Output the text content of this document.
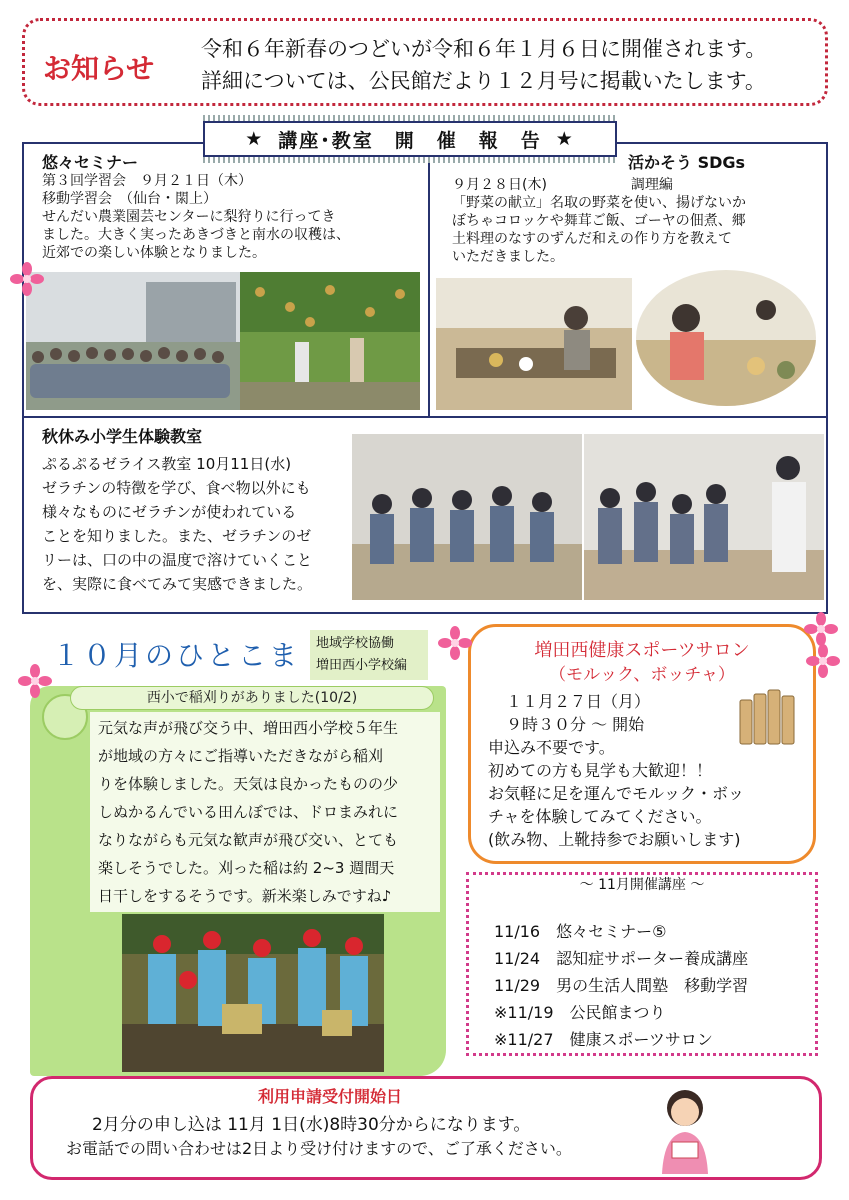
お知らせ
令和６年新春のつどいが令和６年１月６日に開催されます。
詳細については、公民館だより１２月号に掲載いたします。
★ 講座･教室　開　催　報　告 ★
悠々セミナー
第３回学習会　９月２１日（木）
移動学習会　（仙台・閖上）
せんだい農業園芸センターに梨狩りに行ってき
ました。大きく実ったあきづきと南水の収穫は、
近郊での楽しい体験となりました。
活かそう SDGs
９月２８日(木)　　　　　　調理編
「野菜の献立」名取の野菜を使い、揚げないか
ぼちゃコロッケや舞茸ご飯、ゴーヤの佃煮、郷
土料理のなすのずんだ和えの作り方を教えて
いただきました。
秋休み小学生体験教室
ぷるぷるゼライス教室 10月11日(水)
ゼラチンの特徴を学び、食べ物以外にも
様々なものにゼラチンが使われている
ことを知りました。また、ゼラチンのゼ
リーは、口の中の温度で溶けていくこと
を、実際に食べてみて実感できました。
１０月のひとこま 地域学校協働
増田西小学校編
西小で稲刈りがありました(10/2)
元気な声が飛び交う中、増田西小学校５年生
が地域の方々にご指導いただきながら稲刈
りを体験しました。天気は良かったものの少
しぬかるんでいる田んぼでは、ドロまみれに
なりながらも元気な歓声が飛び交い、とても
楽しそうでした。刈った稲は約 2~3 週間天
日干しをするそうです。新米楽しみですね♪
増田西健康スポーツサロン
（モルック、ボッチャ）
１１月２７日（月）
９時３０分 ～ 開始
申込み不要です。
初めての方も見学も大歓迎！！
お気軽に足を運んでモルック・ボッ
チャを体験してみてください。
(飲み物、上靴持参でお願いします)
～ 11月開催講座 ～
11/16　悠々セミナー⑤
11/24　認知症サポーター養成講座
11/29　男の生活人間塾　移動学習
※11/19　公民館まつり
※11/27　健康スポーツサロン
利用申請受付開始日
2月分の申し込は 11月 1日(水)8時30分からになります。
お電話での問い合わせは2日より受け付けますので、ご了承ください。
